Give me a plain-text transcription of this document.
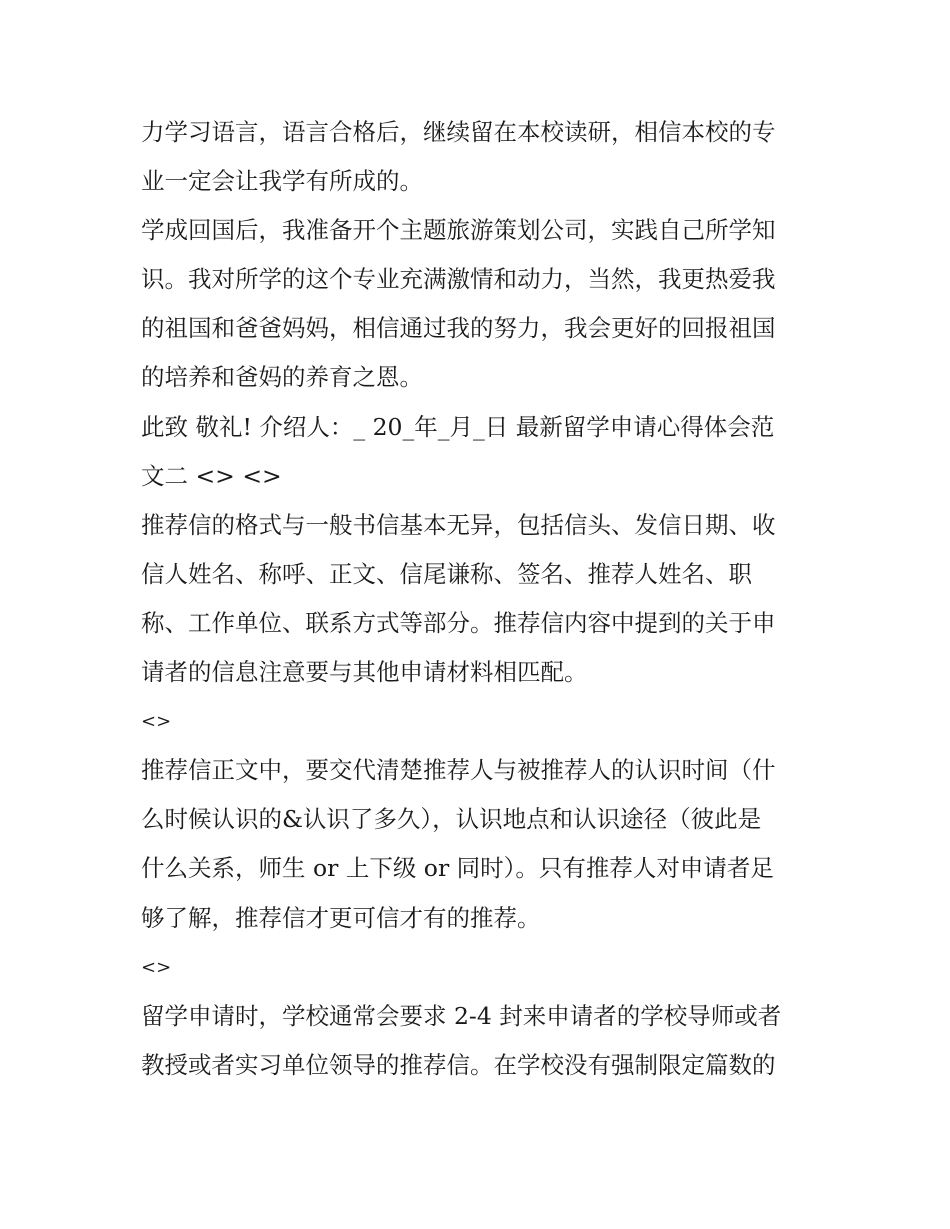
力学习语言，语言合格后，继续留在本校读研，相信本校的专
业一定会让我学有所成的。
学成回国后，我准备开个主题旅游策划公司，实践自己所学知
识。我对所学的这个专业充满激情和动力，当然，我更热爱我
的祖国和爸爸妈妈，相信通过我的努力，我会更好的回报祖国
的培养和爸妈的养育之恩。
此致 敬礼! 介绍人：_ 20_年_月_日 最新留学申请心得体会范
文二 <> <>
推荐信的格式与一般书信基本无异，包括信头、发信日期、收
信人姓名、称呼、正文、信尾谦称、签名、推荐人姓名、职
称、工作单位、联系方式等部分。推荐信内容中提到的关于申
请者的信息注意要与其他申请材料相匹配。
<>
推荐信正文中，要交代清楚推荐人与被推荐人的认识时间（什
么时候认识的&认识了多久），认识地点和认识途径（彼此是
什么关系，师生 or 上下级 or 同时）。只有推荐人对申请者足
够了解，推荐信才更可信才有的推荐。
<>
留学申请时，学校通常会要求 2-4 封来申请者的学校导师或者
教授或者实习单位领导的推荐信。在学校没有强制限定篇数的
